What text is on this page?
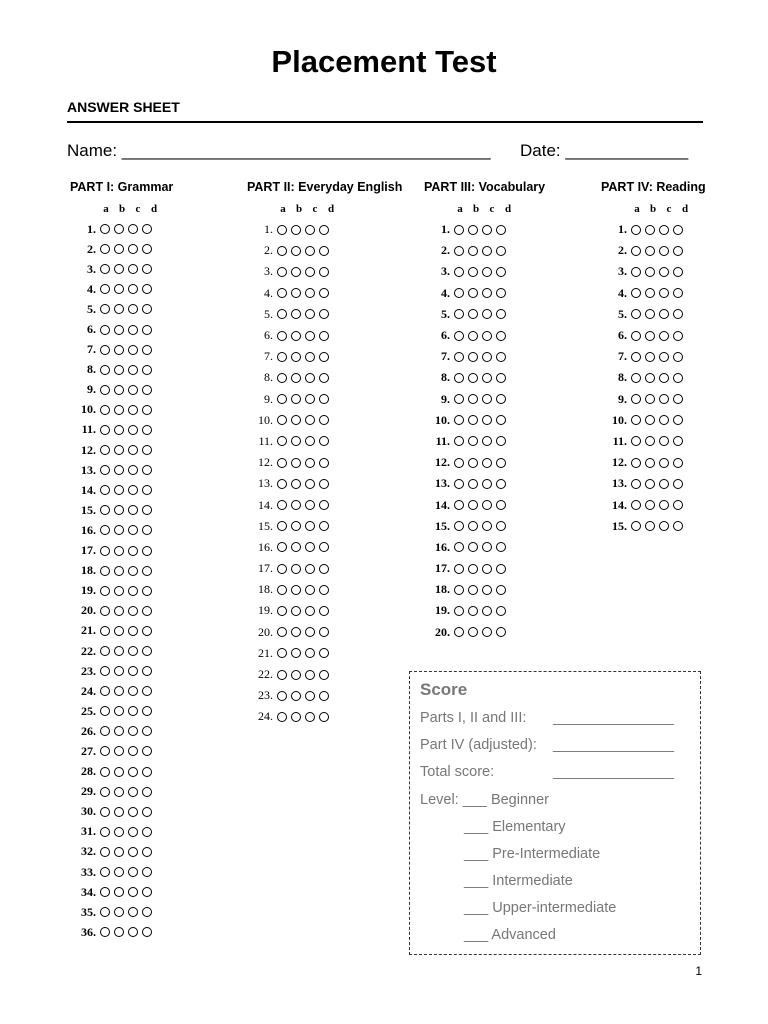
Placement Test
ANSWER SHEET
Name: _______________________________________ Date: _____________
PART I: Grammar
a b c d
1.
2.
3.
4.
5.
6.
7.
8.
9.
10.
11.
12.
13.
14.
15.
16.
17.
18.
19.
20.
21.
22.
23.
24.
25.
26.
27.
28.
29.
30.
31.
32.
33.
34.
35.
36.
PART II: Everyday English
a b c d
1.
2.
3.
4.
5.
6.
7.
8.
9.
10.
11.
12.
13.
14.
15.
16.
17.
18.
19.
20.
21.
22.
23.
24.
PART III: Vocabulary
a b c d
1.
2.
3.
4.
5.
6.
7.
8.
9.
10.
11.
12.
13.
14.
15.
16.
17.
18.
19.
20.
PART IV: Reading
a b c d
1.
2.
3.
4.
5.
6.
7.
8.
9.
10.
11.
12.
13.
14.
15.
Score
Parts I, II and III: _______________
Part IV (adjusted): _______________
Total score:	_______________
Level: ___ Beginner
___ Elementary
___ Pre-Intermediate
___ Intermediate
___ Upper-intermediate
___ Advanced
1
